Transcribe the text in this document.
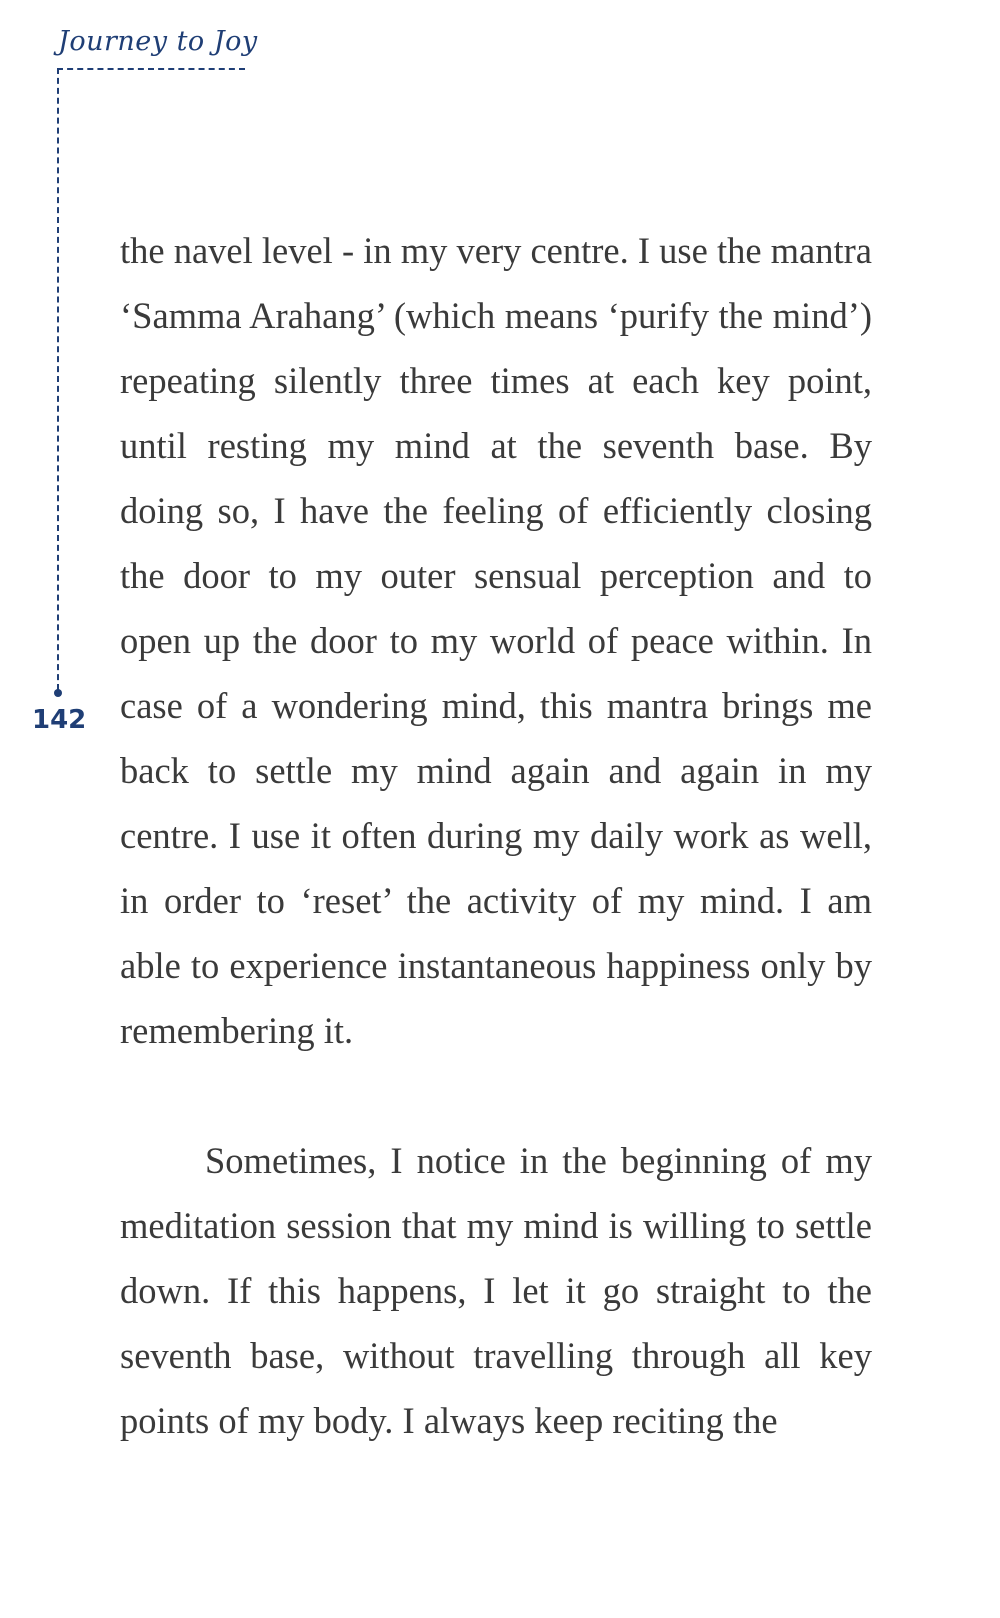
Journey to Joy
142

the navel level - in my very centre. I use the mantra ‘Samma Arahang’ (which means ‘purify the mind’) repeating silently three times at each key point, until resting my mind at the seventh base. By doing so, I have the feeling of efficiently closing the door to my outer sensual perception and to open up the door to my world of peace within. In case of a wondering mind, this mantra brings me back to settle my mind again and again in my centre. I use it often during my daily work as well, in order to ‘reset’ the activity of my mind. I am able to experience instantaneous happiness only by remembering it.

Sometimes, I notice in the beginning of my meditation session that my mind is willing to settle down. If this happens, I let it go straight to the seventh base, without travelling through all key points of my body. I always keep reciting the
